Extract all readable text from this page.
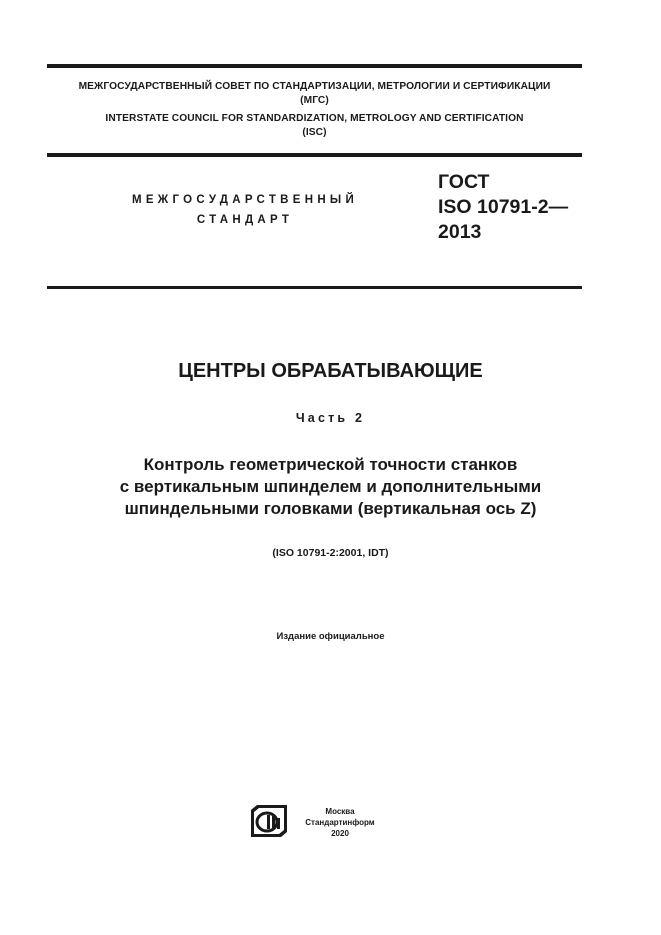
МЕЖГОСУДАРСТВЕННЫЙ СОВЕТ ПО СТАНДАРТИЗАЦИИ, МЕТРОЛОГИИ И СЕРТИФИКАЦИИ
(МГС)
INTERSTATE COUNCIL FOR STANDARDIZATION, METROLOGY AND CERTIFICATION
(ISC)
МЕЖГОСУДАРСТВЕННЫЙ
СТАНДАРТ
ГОСТ
ISO 10791-2—
2013
ЦЕНТРЫ ОБРАБАТЫВАЮЩИЕ
Часть 2
Контроль геометрической точности станков
с вертикальным шпинделем и дополнительными
шпиндельными головками (вертикальная ось Z)
(ISO 10791-2:2001, IDT)
Издание официальное
Москва
Стандартинформ
2020
